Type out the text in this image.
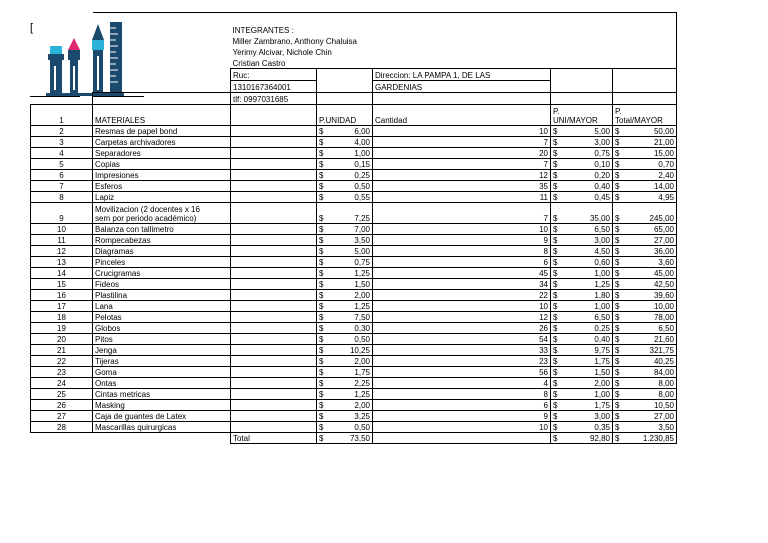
[

			INTEGRANTES :				
		Miller Zambrano, Anthony Chaluisa				
		Yerimy Alcivar, Nichole Chin				
		Cristian Castro				
		Ruc:		Direccion: LA PAMPA 1, DE LAS		
		1310167364001		GARDENIAS		
		tlf: 0997031685				
1	MATERIALES		P.UNIDAD	Cantidad	P.
UNI/MAYOR	P.
Total/MAYOR
2	Resmas de papel bond		$ 6,00	10	$ 5,00	$ 50,00

3	Carpetas archivadores		$ 4,00	7	$ 3,00	$ 21,00

4	Separadores		$ 1,00	20	$ 0,75	$ 15,00

5	Copias		$ 0,15	7	$ 0,10	$ 0,70

6	Impresiones		$ 0,25	12	$ 0,20	$ 2,40

7	Esferos		$ 0,50	35	$ 0,40	$ 14,00

8	Lapiz		$ 0,55	11	$ 0,45	$ 4,95

9	Movilizacion (2 docentes x 16
sem por periodo académico)		$ 7,25	7	$ 35,00	$ 245,00

10	Balanza con tallimetro		$ 7,00	10	$ 6,50	$ 65,00

11	Rompecabezas		$ 3,50	9	$ 3,00	$ 27,00

12	Diagramas		$ 5,00	8	$ 4,50	$ 36,00

13	Pinceles		$ 0,75	6	$ 0,60	$ 3,60

14	Crucigramas		$ 1,25	45	$ 1,00	$ 45,00

15	Fideos		$ 1,50	34	$ 1,25	$ 42,50

16	Plastilina		$ 2,00	22	$ 1,80	$ 39,60

17	Lana		$ 1,25	10	$ 1,00	$ 10,00

18	Pelotas		$ 7,50	12	$ 6,50	$ 78,00

19	Globos		$ 0,30	26	$ 0,25	$ 6,50

20	Pitos		$ 0,50	54	$ 0,40	$ 21,60

21	Jenga		$ 10,25	33	$ 9,75	$ 321,75

22	Tijeras		$ 2,00	23	$ 1,75	$ 40,25

23	Goma		$ 1,75	56	$ 1,50	$ 84,00

24	Ontas		$ 2,25	4	$ 2,00	$ 8,00

25	Cintas metricas		$ 1,25	8	$ 1,00	$ 8,00

26	Masking		$ 2,00	6	$ 1,75	$ 10,50

27	Caja de guantes de Latex		$ 3,25	9	$ 3,00	$ 27,00

28	Mascarillas quirurgicas		$ 0,50	10	$ 0,35	$ 3,50

		Total	$ 73,50		$ 92,80	$ 1.230,85
